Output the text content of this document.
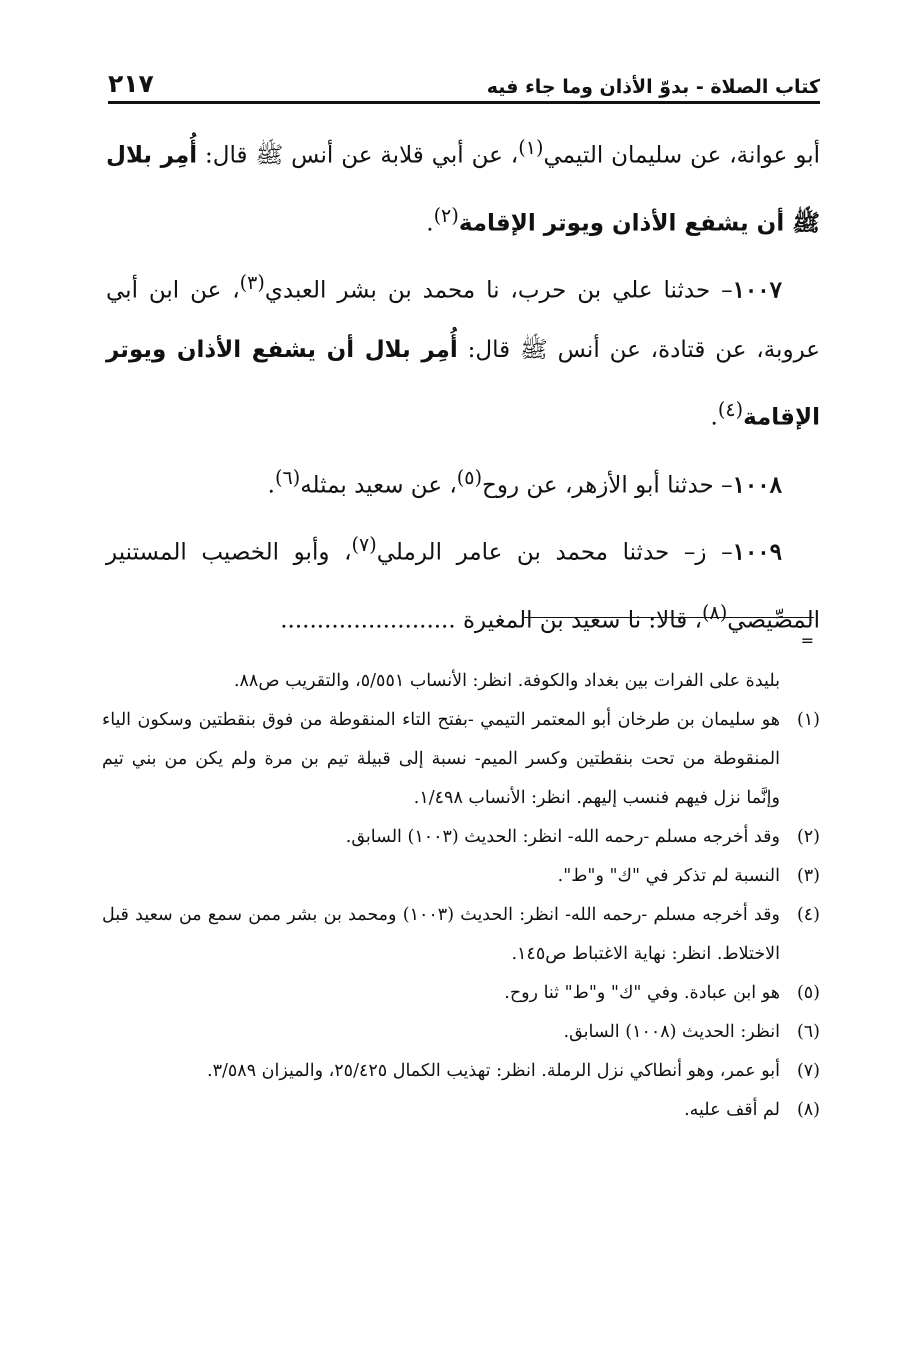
كتاب الصلاة - بدوّ الأذان وما جاء فيه
٢١٧

أبو عوانة، عن سليمان التيمي$^{(١)}$، عن أبي قلابة عن أنس ﷺ قال: أُمِر بلال ﷺ أن يشفع الأذان ويوتر الإقامة$^{(٢)}$.

١٠٠٧– حدثنا علي بن حرب، نا محمد بن بشر العبدي$^{(٣)}$، عن ابن أبي عروبة، عن قتادة، عن أنس ﷺ قال: أُمِر بلال أن يشفع الأذان ويوتر الإقامة$^{(٤)}$.

١٠٠٨– حدثنا أبو الأزهر، عن روح$^{(٥)}$، عن سعيد بمثله$^{(٦)}$.

١٠٠٩– ز– حدثنا محمد بن عامر الرملي$^{(٧)}$، وأبو الخصيب المستنير المصِّيصي$^{(٨)}$، قالا: نا سعيد بن المغيرة ........................

=

بليدة على الفرات بين بغداد والكوفة. انظر: الأنساب ٥/٥٥١، والتقريب ص٨٨.

(١)هو سليمان بن طرخان أبو المعتمر التيمي -بفتح التاء المنقوطة من فوق بنقطتين وسكون الياء المنقوطة من تحت بنقطتين وكسر الميم- نسبة إلى قبيلة تيم بن مرة ولم يكن من بني تيم وإنَّما نزل فيهم فنسب إليهم. انظر: الأنساب ١/٤٩٨.

(٢)وقد أخرجه مسلم -رحمه الله- انظر: الحديث (١٠٠٣) السابق.

(٣)النسبة لم تذكر في "ك" و"ط".

(٤)وقد أخرجه مسلم -رحمه الله- انظر: الحديث (١٠٠٣) ومحمد بن بشر ممن سمع من سعيد قبل الاختلاط. انظر: نهاية الاغتباط ص١٤٥.

(٥)هو ابن عبادة. وفي "ك" و"ط" ثنا روح.

(٦)انظر: الحديث (١٠٠٨) السابق.

(٧)أبو عمر، وهو أنطاكي نزل الرملة. انظر: تهذيب الكمال ٢٥/٤٢٥، والميزان ٣/٥٨٩.

(٨)لم أقف عليه.
